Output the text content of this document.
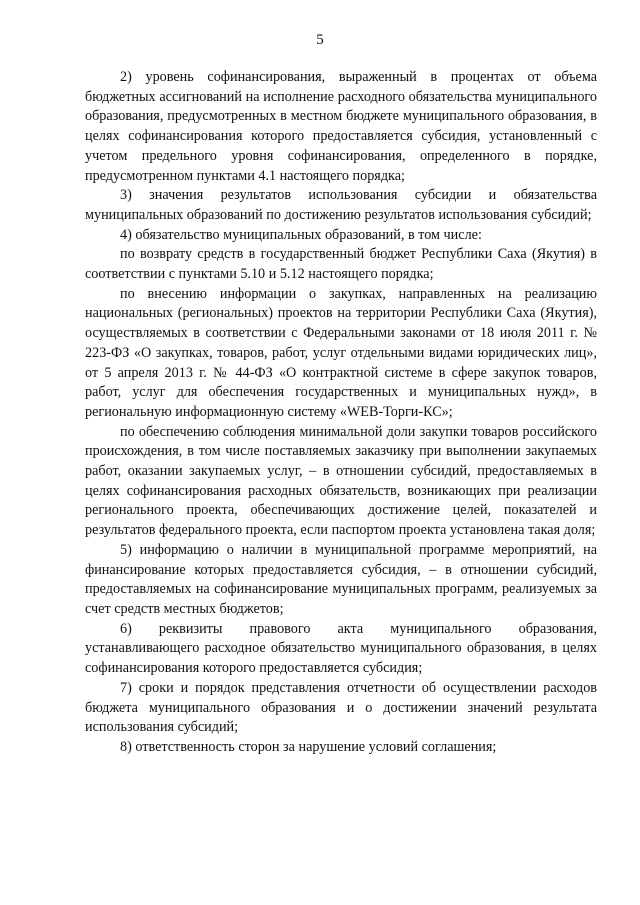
5

2) уровень софинансирования, выраженный в процентах от объема бюджетных ассигнований на исполнение расходного обязательства муниципального образования, предусмотренных в местном бюджете муниципального образования, в целях софинансирования которого предоставляется субсидия, установленный с учетом предельного уровня софинансирования, определенного в порядке, предусмотренном пунктами 4.1 настоящего порядка;

3) значения результатов использования субсидии и обязательства муниципальных образований по достижению результатов использования субсидий;

4) обязательство муниципальных образований, в том числе:

по возврату средств в государственный бюджет Республики Саха (Якутия) в соответствии с пунктами 5.10 и 5.12 настоящего порядка;

по внесению информации о закупках, направленных на реализацию национальных (региональных) проектов на территории Республики Саха (Якутия), осуществляемых в соответствии с Федеральными законами от 18 июля 2011 г. № 223-ФЗ «О закупках, товаров, работ, услуг отдельными видами юридических лиц», от 5 апреля 2013 г. № 44-ФЗ «О контрактной системе в сфере закупок товаров, работ, услуг для обеспечения государственных и муниципальных нужд», в региональную информационную систему «WEB-Торги-КС»;

по обеспечению соблюдения минимальной доли закупки товаров российского происхождения, в том числе поставляемых заказчику при выполнении закупаемых работ, оказании закупаемых услуг, – в отношении субсидий, предоставляемых в целях софинансирования расходных обязательств, возникающих при реализации регионального проекта, обеспечивающих достижение целей, показателей и результатов федерального проекта, если паспортом проекта установлена такая доля;

5) информацию о наличии в муниципальной программе мероприятий, на финансирование которых предоставляется субсидия, – в отношении субсидий, предоставляемых на софинансирование муниципальных программ, реализуемых за счет средств местных бюджетов;

6) реквизиты правового акта муниципального образования, устанавливающего расходное обязательство муниципального образования, в целях софинансирования которого предоставляется субсидия;

7) сроки и порядок представления отчетности об осуществлении расходов бюджета муниципального образования и о достижении значений результата использования субсидий;

8) ответственность сторон за нарушение условий соглашения;
